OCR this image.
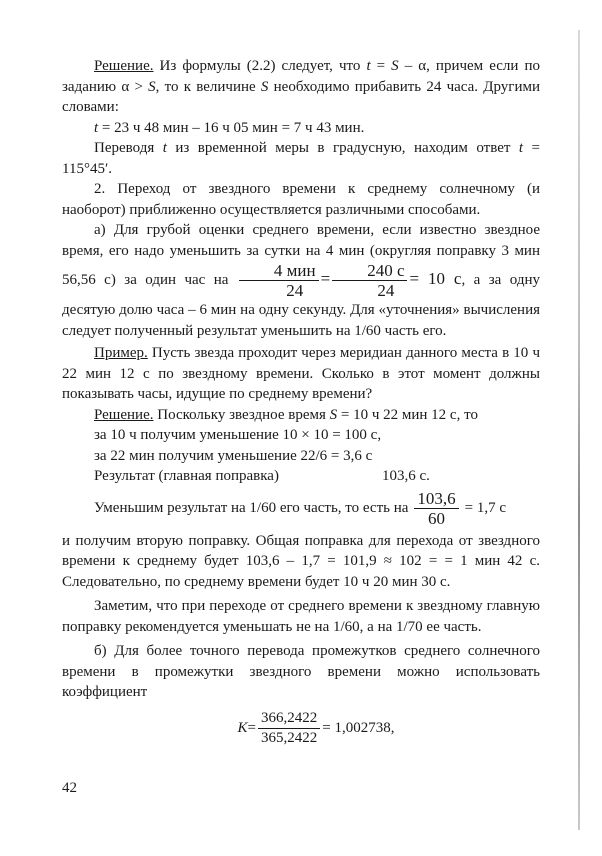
Решение. Из формулы (2.2) следует, что t = S – α, причем если по заданию α > S, то к величине S необходимо прибавить 24 часа. Другими словами:

t = 23 ч 48 мин – 16 ч 05 мин = 7 ч 43 мин.

Переводя t из временной меры в градусную, находим ответ t = 115°45′.

2. Переход от звездного времени к среднему солнечному (и наоборот) приближенно осуществляется различными способами.

а) Для грубой оценки среднего времени, если известно звездное время, его надо уменьшить за сутки на 4 мин (округляя поправку 3 мин 56,56 с) за один час на $\frac{\text{4 мин}}{24} = \frac{240 с}{24} = 10$ с, а за одну десятую долю часа – 6 мин на одну секунду. Для «уточнения» вычисления следует полученный результат уменьшить на 1/60 часть его.

Пример. Пусть звезда проходит через меридиан данного места в 10 ч 22 мин 12 с по звездному времени. Сколько в этот момент должны показывать часы, идущие по среднему времени?

Решение. Поскольку звездное время S = 10 ч 22 мин 12 с, то

за 10 ч получим уменьшение 10 × 10 = 100 с,

за 22 мин получим уменьшение 22/6 = 3,6 с

Результат (главная поправка)	103,6 с.
Уменьшим результат на 1/60 его часть, то есть на $\frac{103,6}{60} = 1,7$ с

и получим вторую поправку. Общая поправка для перехода от звездного времени к среднему будет 103,6 – 1,7 = 101,9 ≈ 102 = = 1 мин 42 с. Следовательно, по среднему времени будет 10 ч 20 мин 30 с.

Заметим, что при переходе от среднего времени к звездному главную поправку рекомендуется уменьшать не на 1/60, а на 1/70 ее часть.

б) Для более точного перевода промежутков среднего солнечного времени в промежутки звездного времени можно использовать коэффициент

$K = \frac{366,2422}{365,2422} = 1,002738$,
42
